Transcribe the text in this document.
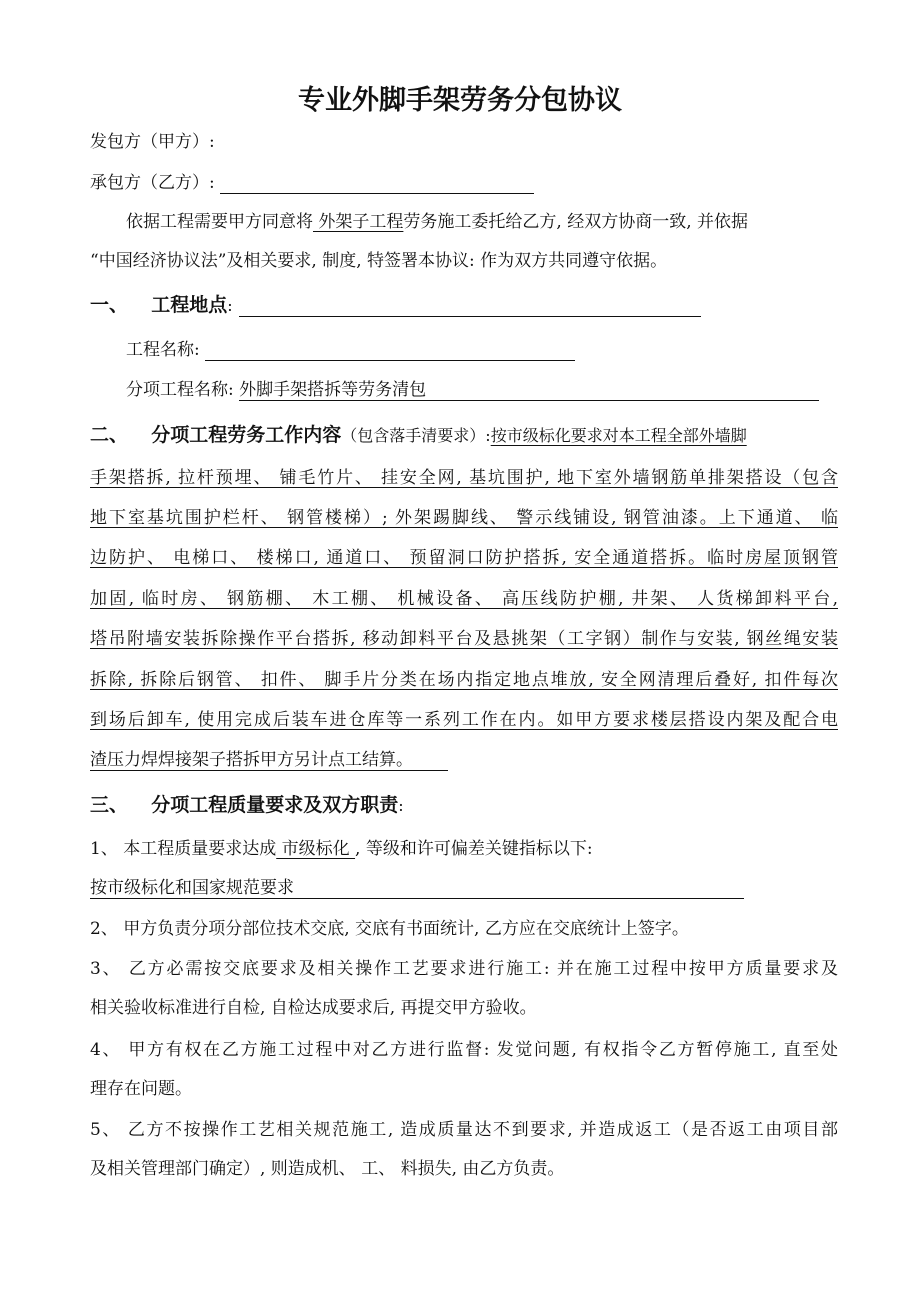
专业外脚手架劳务分包协议
发包方（甲方）:
承包方（乙方）:
依据工程需要甲方同意将 外架子工程劳务施工委托给乙方, 经双方协商一致, 并依据
“中国经济协议法”及相关要求, 制度, 特签署本协议: 作为双方共同遵守依据。
一、 工程地点:
工程名称:
分项工程名称: 外脚手架搭拆等劳务清包
二、 分项工程劳务工作内容（包含落手清要求）:按市级标化要求对本工程全部外墙脚
手架搭拆, 拉杆预埋、 铺毛竹片、 挂安全网, 基坑围护, 地下室外墙钢筋单排架搭设（包含
地下室基坑围护栏杆、 钢管楼梯）; 外架踢脚线、 警示线铺设, 钢管油漆。上下通道、 临
边防护、 电梯口、 楼梯口, 通道口、 预留洞口防护搭拆, 安全通道搭拆。临时房屋顶钢管
加固, 临时房、 钢筋棚、 木工棚、 机械设备、 高压线防护棚, 井架、 人货梯卸料平台,
塔吊附墙安装拆除操作平台搭拆, 移动卸料平台及悬挑架（工字钢）制作与安装, 钢丝绳安装
拆除, 拆除后钢管、 扣件、 脚手片分类在场内指定地点堆放, 安全网清理后叠好, 扣件每次
到场后卸车, 使用完成后装车进仓库等一系列工作在内。如甲方要求楼层搭设内架及配合电
渣压力焊焊接架子搭拆甲方另计点工结算。
三、 分项工程质量要求及双方职责:
1、 本工程质量要求达成 市级标化 , 等级和许可偏差关键指标以下:
按市级标化和国家规范要求
2、 甲方负责分项分部位技术交底, 交底有书面统计, 乙方应在交底统计上签字。
3、 乙方必需按交底要求及相关操作工艺要求进行施工: 并在施工过程中按甲方质量要求及
相关验收标准进行自检, 自检达成要求后, 再提交甲方验收。
4、 甲方有权在乙方施工过程中对乙方进行监督: 发觉问题, 有权指令乙方暂停施工, 直至处
理存在问题。
5、 乙方不按操作工艺相关规范施工, 造成质量达不到要求, 并造成返工（是否返工由项目部
及相关管理部门确定）, 则造成机、 工、 料损失, 由乙方负责。
